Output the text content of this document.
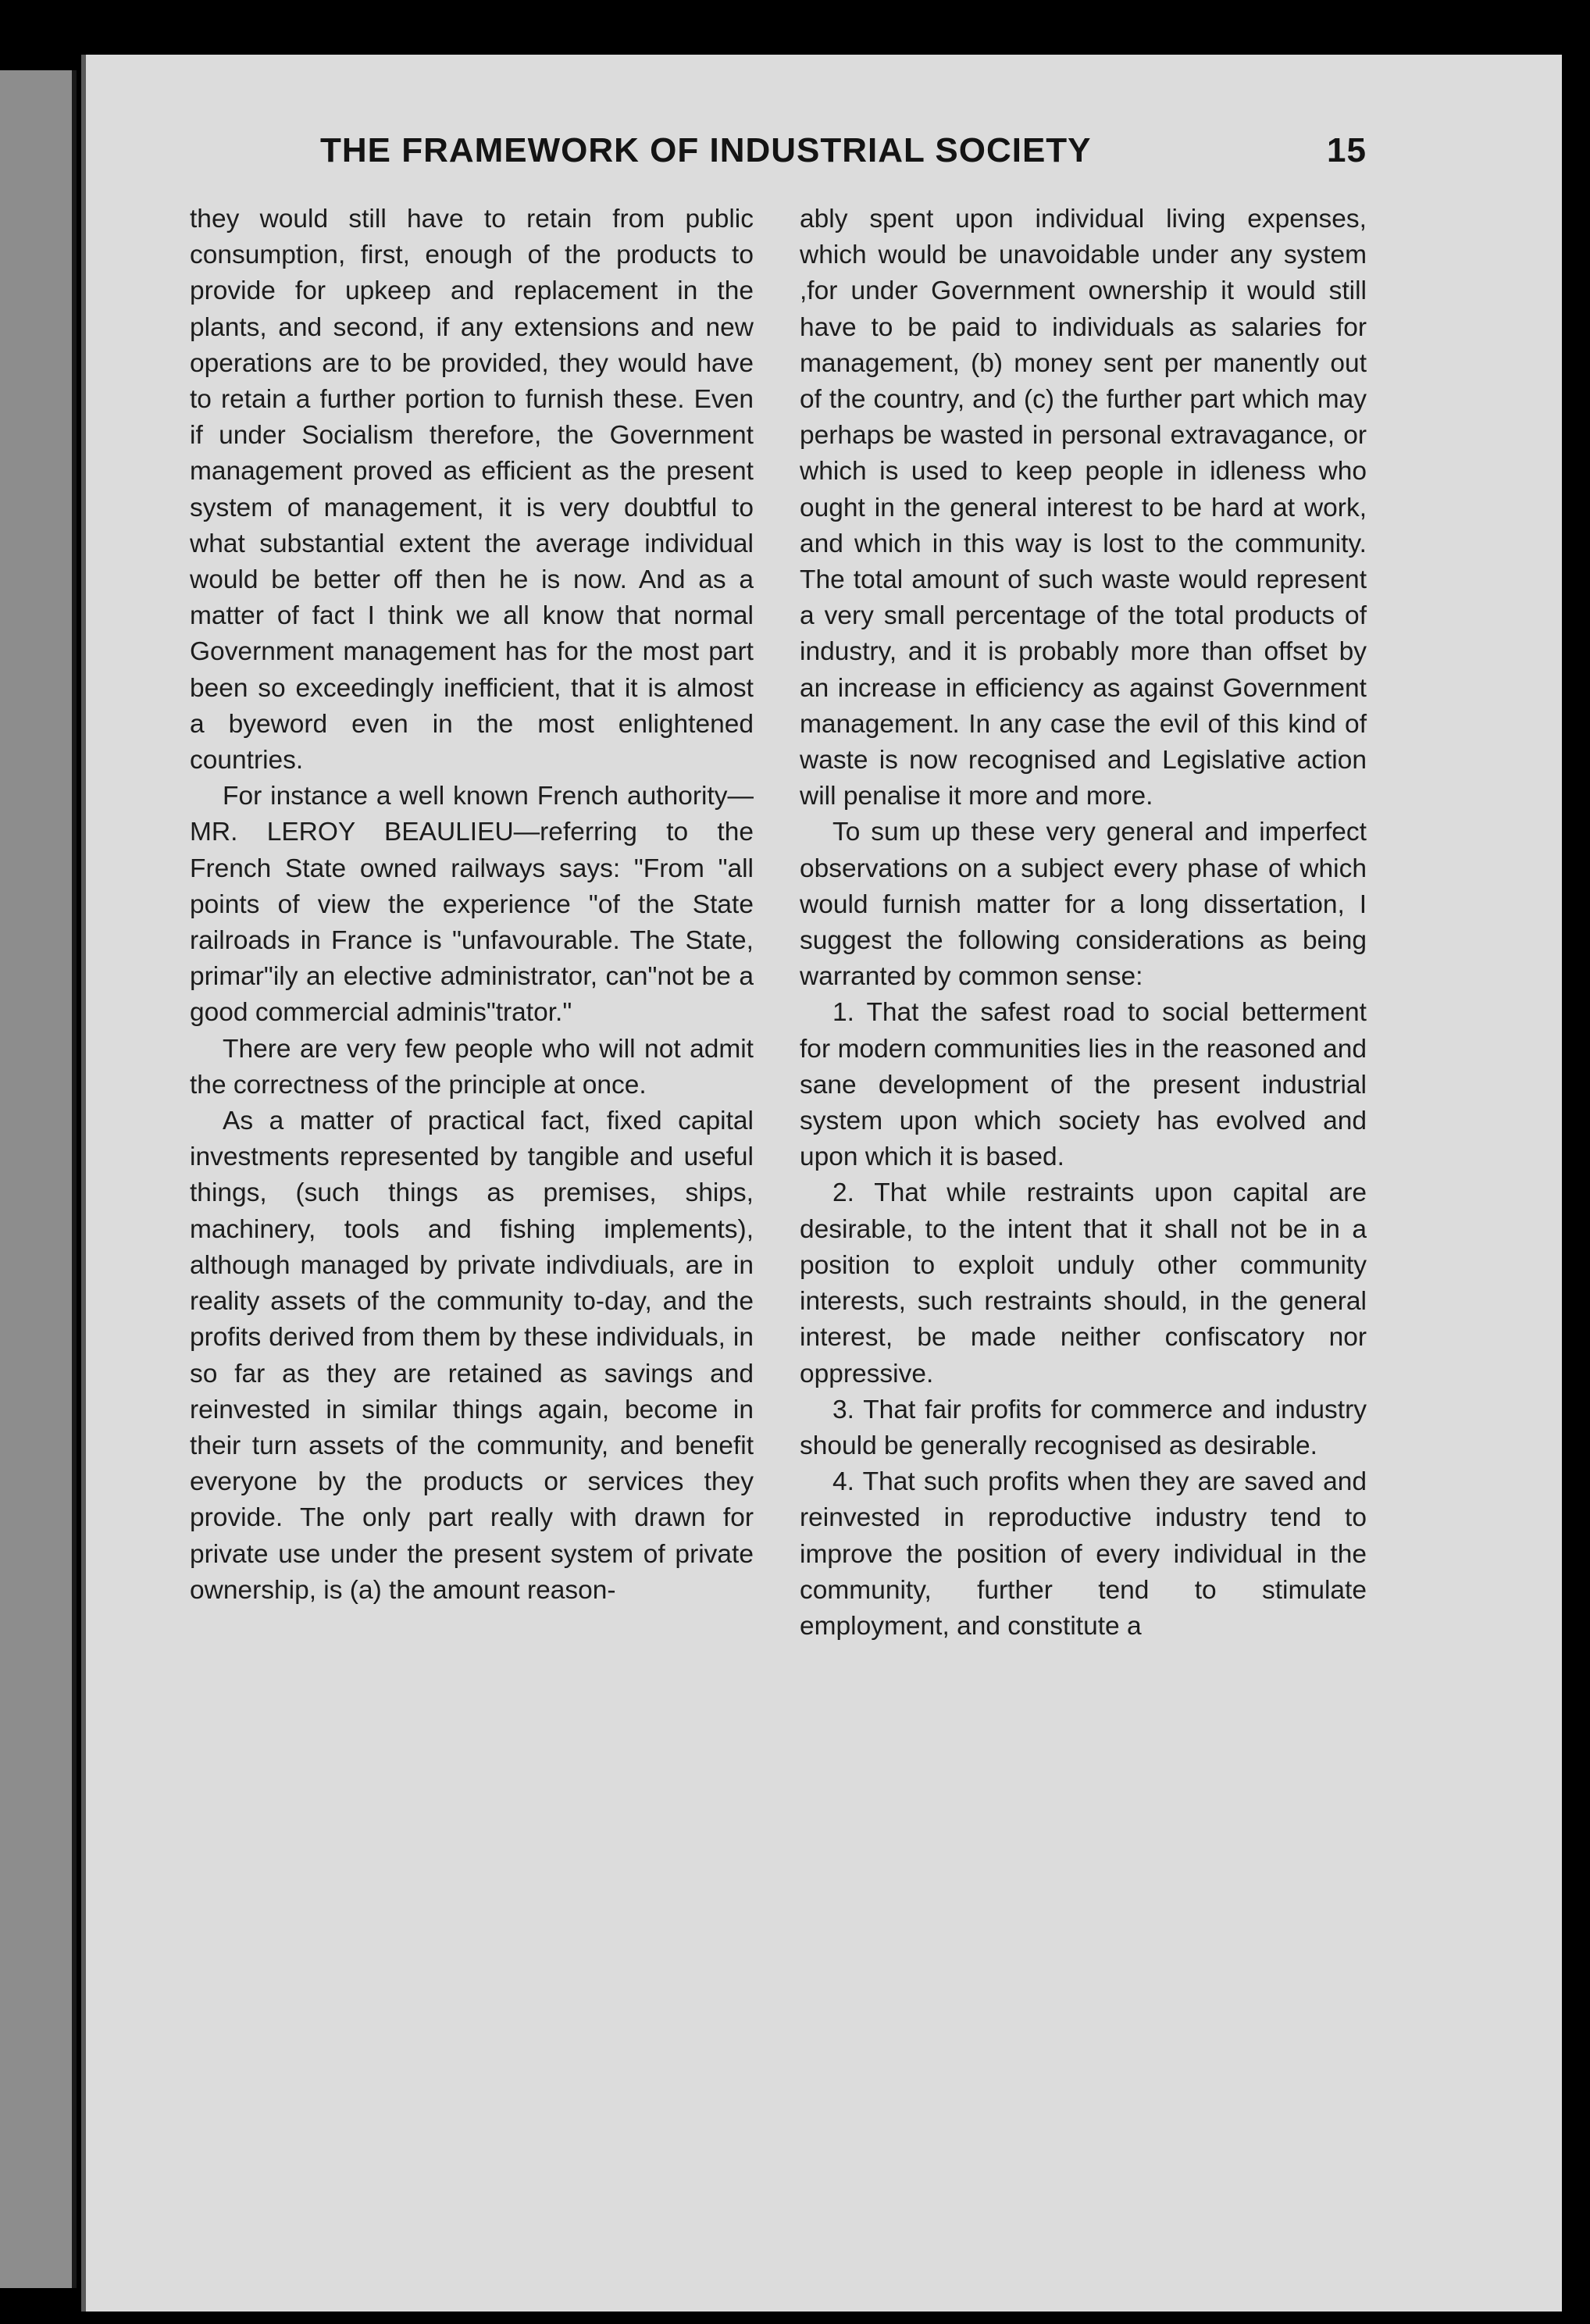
THE FRAMEWORK OF INDUSTRIAL SOCIETY	15

they would still have to retain from public consumption, first, enough of the products to provide for upkeep and replacement in the plants, and second, if any extensions and new operations are to be provided, they would have to retain a further portion to furnish these. Even if under Socialism therefore, the Government management proved as efficient as the present system of management, it is very doubtful to what substantial extent the average individual would be better off then he is now. And as a matter of fact I think we all know that normal Government management has for the most part been so exceedingly inefficient, that it is almost a byeword even in the most enlightened countries.

For instance a well known French authority—MR. LEROY BEAULIEU—referring to the French State owned railways says: "From "all points of view the experience "of the State railroads in France is "unfavourable. The State, primar"ily an elective administrator, can"not be a good commercial adminis"trator."

There are very few people who will not admit the correctness of the principle at once.

As a matter of practical fact, fixed capital investments represented by tangible and useful things, (such things as premises, ships, machinery, tools and fishing implements), although managed by private indivdiuals, are in reality assets of the community to-day, and the profits derived from them by these individuals, in so far as they are retained as savings and reinvested in similar things again, become in their turn assets of the community, and benefit everyone by the products or services they provide. The only part really with drawn for private use under the present system of private ownership, is (a) the amount reason-

ably spent upon individual living expenses, which would be unavoidable under any system ,for under Government ownership it would still have to be paid to individuals as salaries for management, (b) money sent per manently out of the country, and (c) the further part which may perhaps be wasted in personal extravagance, or which is used to keep people in idleness who ought in the general interest to be hard at work, and which in this way is lost to the community. The total amount of such waste would represent a very small percentage of the total products of industry, and it is probably more than offset by an increase in efficiency as against Government management. In any case the evil of this kind of waste is now recognised and Legislative action will penalise it more and more.

To sum up these very general and imperfect observations on a subject every phase of which would furnish matter for a long dissertation, I suggest the following considerations as being warranted by common sense:

1. That the safest road to social betterment for modern communities lies in the reasoned and sane development of the present industrial system upon which society has evolved and upon which it is based.

2. That while restraints upon capital are desirable, to the intent that it shall not be in a position to exploit unduly other community interests, such restraints should, in the general interest, be made neither confiscatory nor oppressive.

3. That fair profits for commerce and industry should be generally recognised as desirable.

4. That such profits when they are saved and reinvested in reproductive industry tend to improve the position of every individual in the community, further tend to stimulate employment, and constitute a
